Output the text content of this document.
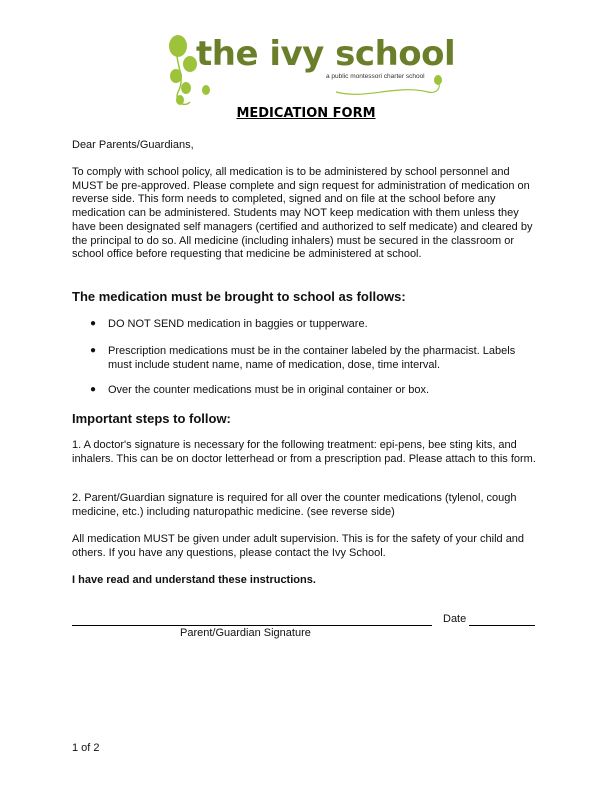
the ivy school
a public montessori charter school
MEDICATION FORM
Dear Parents/Guardians,
To comply with school policy, all medication is to be administered by school personnel and MUST be pre-approved. Please complete and sign request for administration of medication on reverse side. This form needs to completed, signed and on file at the school before any medication can be administered. Students may NOT keep medication with them unless they have been designated self managers (certified and authorized to self medicate) and cleared by the principal to do so. All medicine (including inhalers) must be secured in the classroom or school office before requesting that medicine be administered at school.
The medication must be brought to school as follows:
● DO NOT SEND medication in baggies or tupperware.
● Prescription medications must be in the container labeled by the pharmacist. Labels must include student name, name of medication, dose, time interval.
● Over the counter medications must be in original container or box.
Important steps to follow:
1. A doctor's signature is necessary for the following treatment: epi-pens, bee sting kits, and inhalers. This can be on doctor letterhead or from a prescription pad. Please attach to this form.
2. Parent/Guardian signature is required for all over the counter medications (tylenol, cough medicine, etc.) including naturopathic medicine. (see reverse side)
All medication MUST be given under adult supervision. This is for the safety of your child and others. If you have any questions, please contact the Ivy School.
I have read and understand these instructions.
Date
Parent/Guardian Signature
1 of 2
